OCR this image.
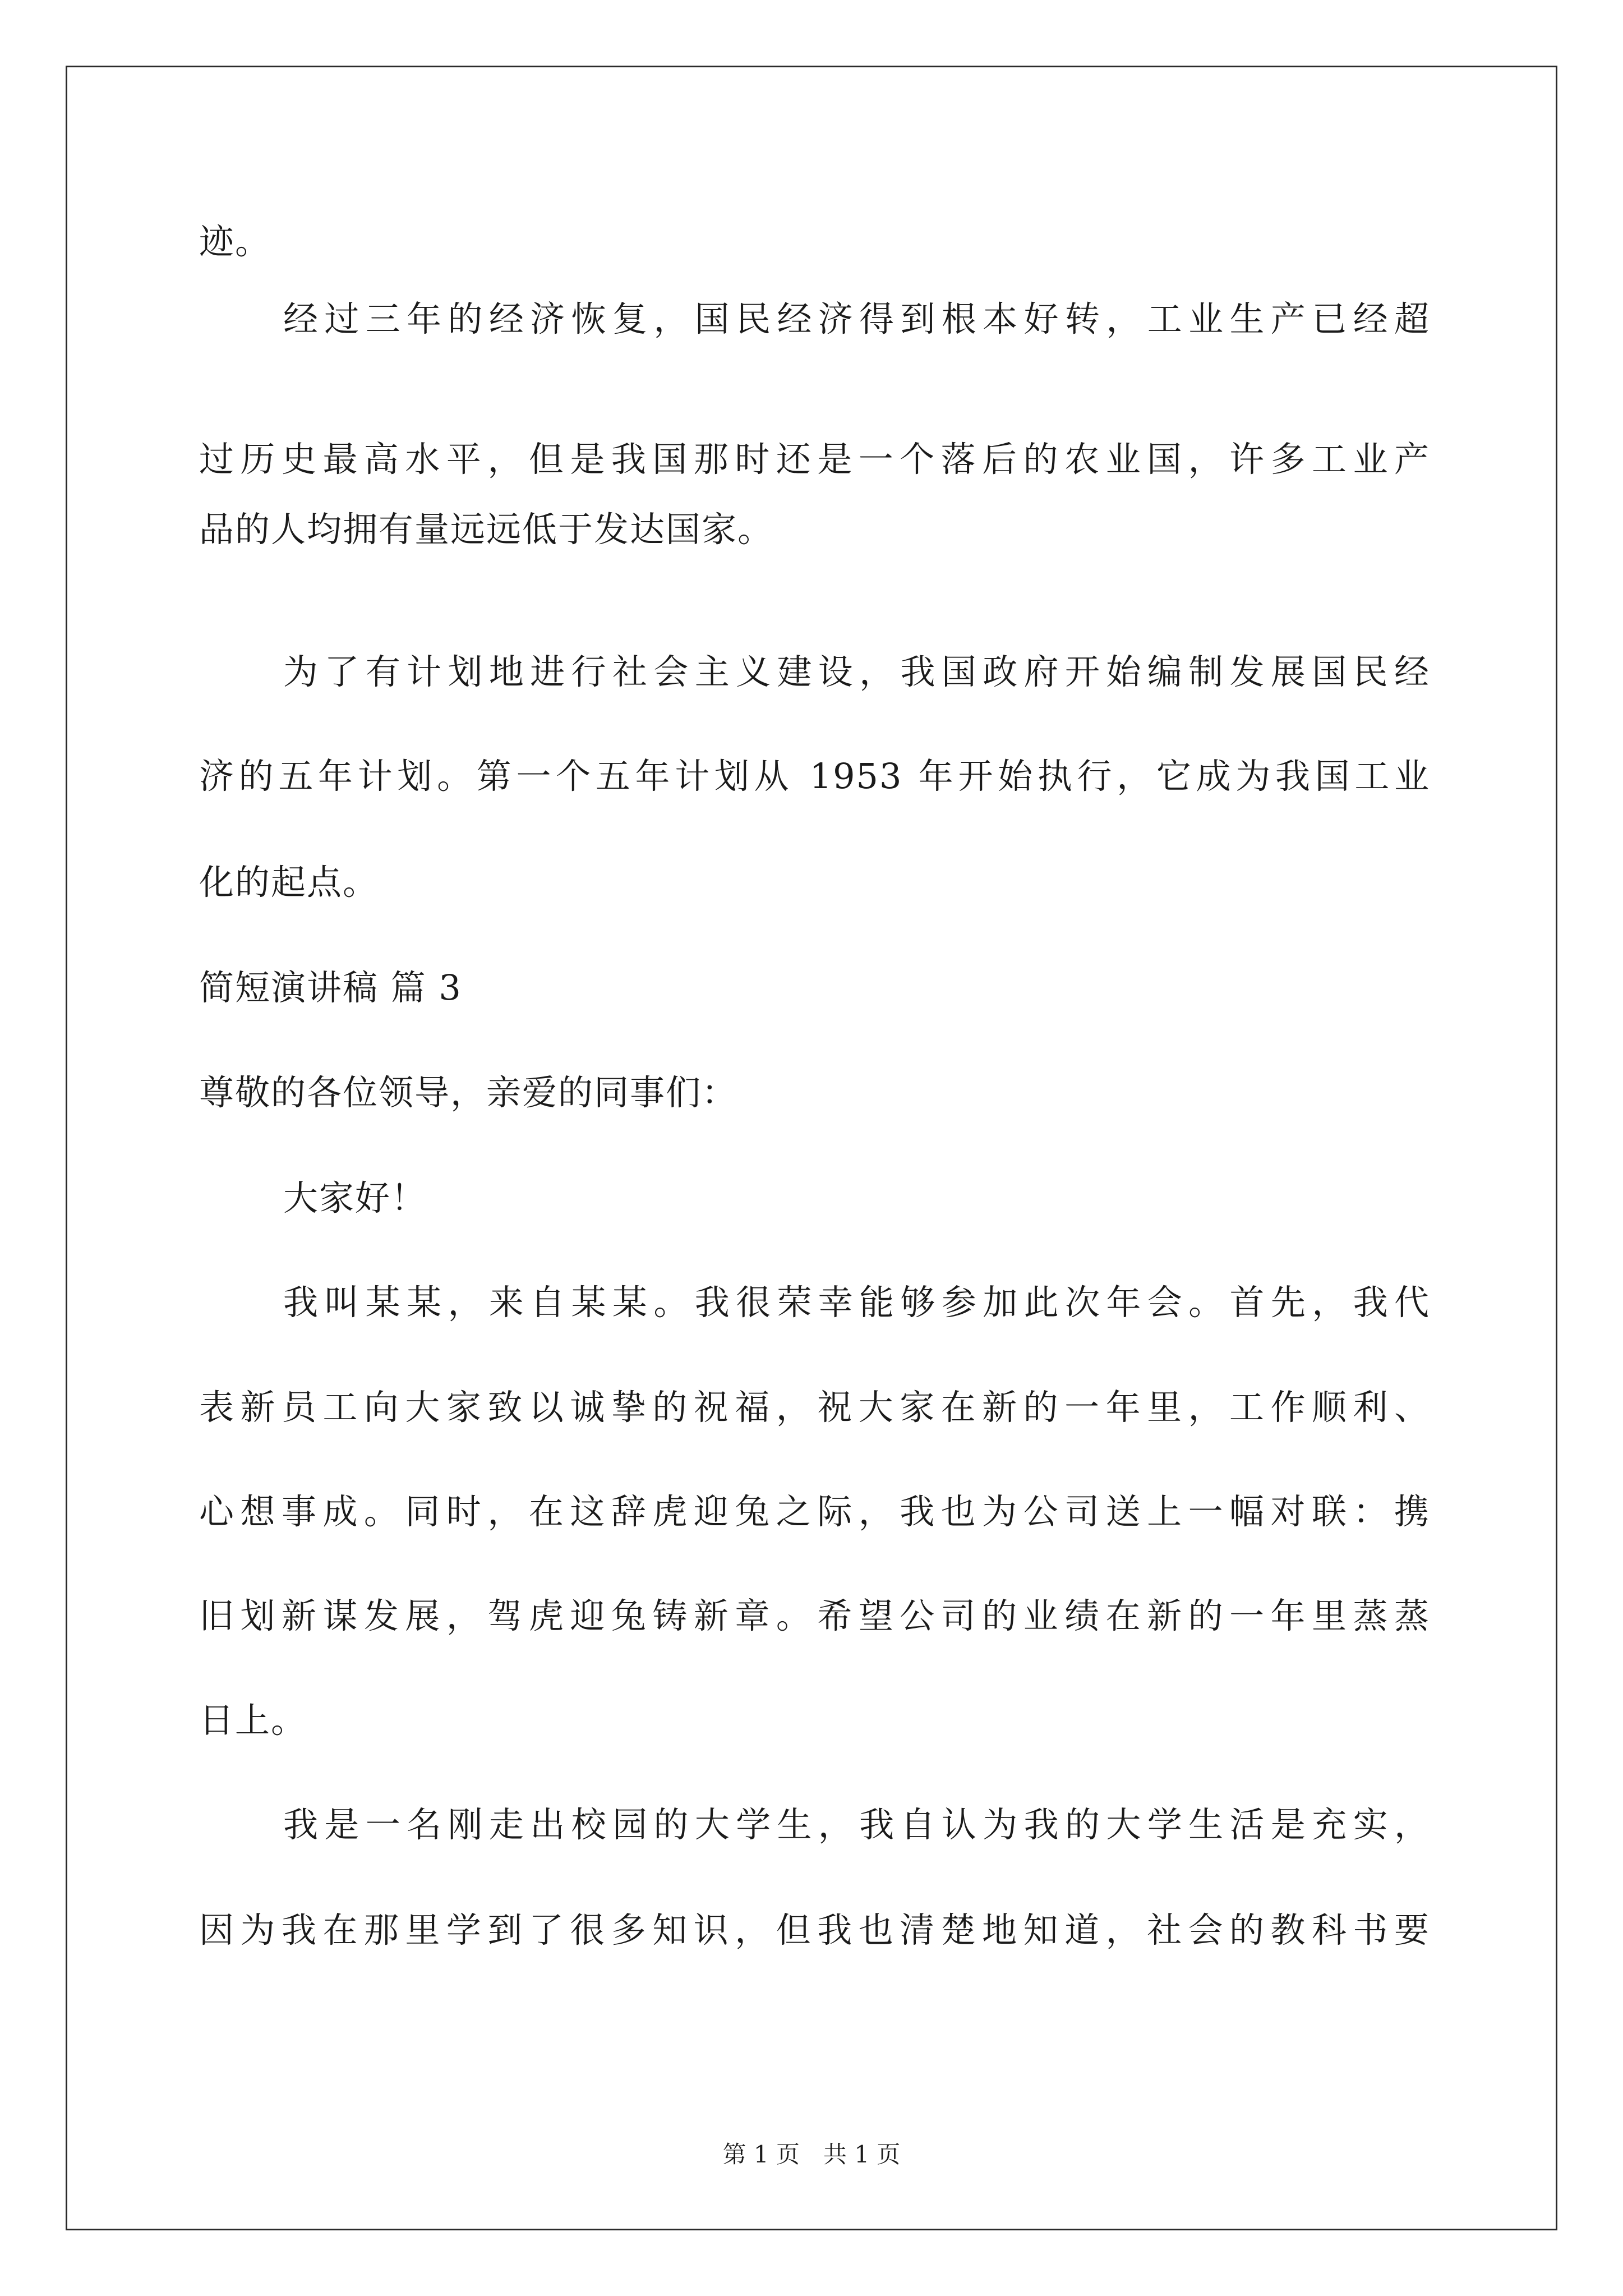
迹。
经过三年的经济恢复，国民经济得到根本好转，工业生产已经超
过历史最高水平，但是我国那时还是一个落后的农业国，许多工业产
品的人均拥有量远远低于发达国家。
为了有计划地进行社会主义建设，我国政府开始编制发展国民经
济的五年计划。第一个五年计划从 1953 年开始执行，它成为我国工业
化的起点。
简短演讲稿 篇 3
尊敬的各位领导，亲爱的同事们：
大家好！
我叫某某，来自某某。我很荣幸能够参加此次年会。首先，我代
表新员工向大家致以诚挚的祝福，祝大家在新的一年里，工作顺利、
心想事成。同时，在这辞虎迎兔之际，我也为公司送上一幅对联：携
旧划新谋发展，驾虎迎兔铸新章。希望公司的业绩在新的一年里蒸蒸
日上。
我是一名刚走出校园的大学生，我自认为我的大学生活是充实，
因为我在那里学到了很多知识，但我也清楚地知道，社会的教科书要
第 1 页　共 1 页
